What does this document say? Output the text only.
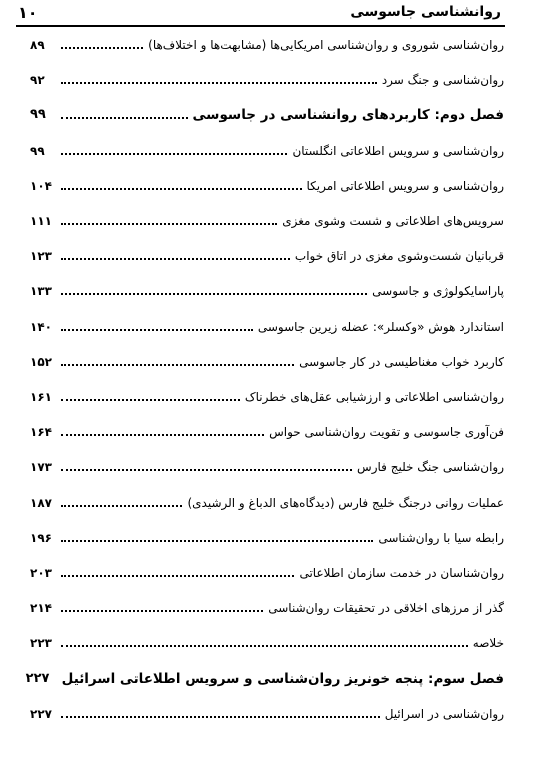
روانشناسی جاسوسی
۱۰
روان‌شناسی شوروی و روان‌شناسی امریکایی‌ها (مشابهت‌ها و اختلاف‌ها)
۸۹
روان‌شناسی و جنگ سرد
۹۲
فصل دوم: کاربردهای روانشناسی در جاسوسی
۹۹
روان‌شناسی و سرویس اطلاعاتی انگلستان
۹۹
روان‌شناسی و سرویس اطلاعاتی امریکا
۱۰۴
سرویس‌های اطلاعاتی و شست وشوی مغزی
۱۱۱
قربانیان شست‌وشوی مغزی در اتاق خواب
۱۲۳
پاراسایکولوژی و جاسوسی
۱۳۳
استاندارد هوش «وکسلر»: عضله زیرین جاسوسی
۱۴۰
کاربرد خواب مغناطیسی در کار جاسوسی
۱۵۲
روان‌شناسی اطلاعاتی و ارزشیابی عقل‌های خطرناک
۱۶۱
فن‌آوری جاسوسی و تقویت روان‌شناسی حواس
۱۶۴
روان‌شناسی جنگ خلیج فارس
۱۷۳
عملیات روانی درجنگ خلیج فارس (دیدگاه‌های الدباغ و الرشیدی)
۱۸۷
رابطه سیا با روان‌شناسی
۱۹۶
روان‌شناسان در خدمت سازمان اطلاعاتی
۲۰۳
گذر از مرزهای اخلاقی در تحقیقات روان‌شناسی
۲۱۴
خلاصه
۲۲۳
فصل سوم: پنجه خونریز روان‌شناسی و سرویس اطلاعاتی اسرائیل
۲۲۷
روان‌شناسی در اسرائیل
۲۲۷
